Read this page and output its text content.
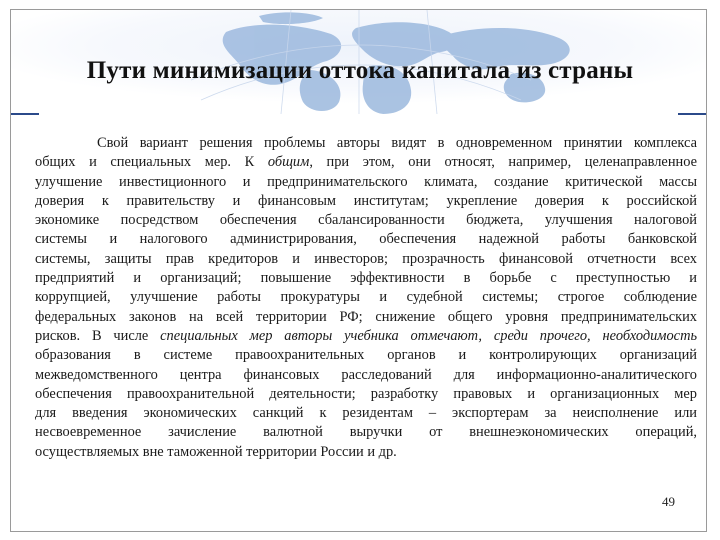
Пути минимизации оттока капитала из страны
Свой вариант решения проблемы авторы видят в одновременном принятии комплекса
общих и специальных мер. К общим, при этом, они относят, например, целенаправленное
улучшение инвестиционного и предпринимательского климата, создание критической массы
доверия к правительству и финансовым институтам; укрепление доверия к российской
экономике посредством обеспечения сбалансированности бюджета, улучшения налоговой
системы и налогового администрирования, обеспечения надежной работы банковской
системы, защиты прав кредиторов и инвесторов; прозрачность финансовой отчетности всех
предприятий и организаций; повышение эффективности в борьбе с преступностью и
коррупцией, улучшение работы прокуратуры и судебной системы; строгое соблюдение
федеральных законов на всей территории РФ; снижение общего уровня предпринимательских
рисков. В числе специальных мер авторы учебника отмечают, среди прочего, необходимость
образования в системе правоохранительных органов и контролирующих организаций
межведомственного центра финансовых расследований для информационно-аналитического
обеспечения правоохранительной деятельности; разработку правовых и организационных мер
для введения экономических санкций к резидентам – экспортерам за неисполнение или
несвоевременное зачисление валютной выручки от внешнеэкономических операций,
осуществляемых вне таможенной территории России и др.
49
